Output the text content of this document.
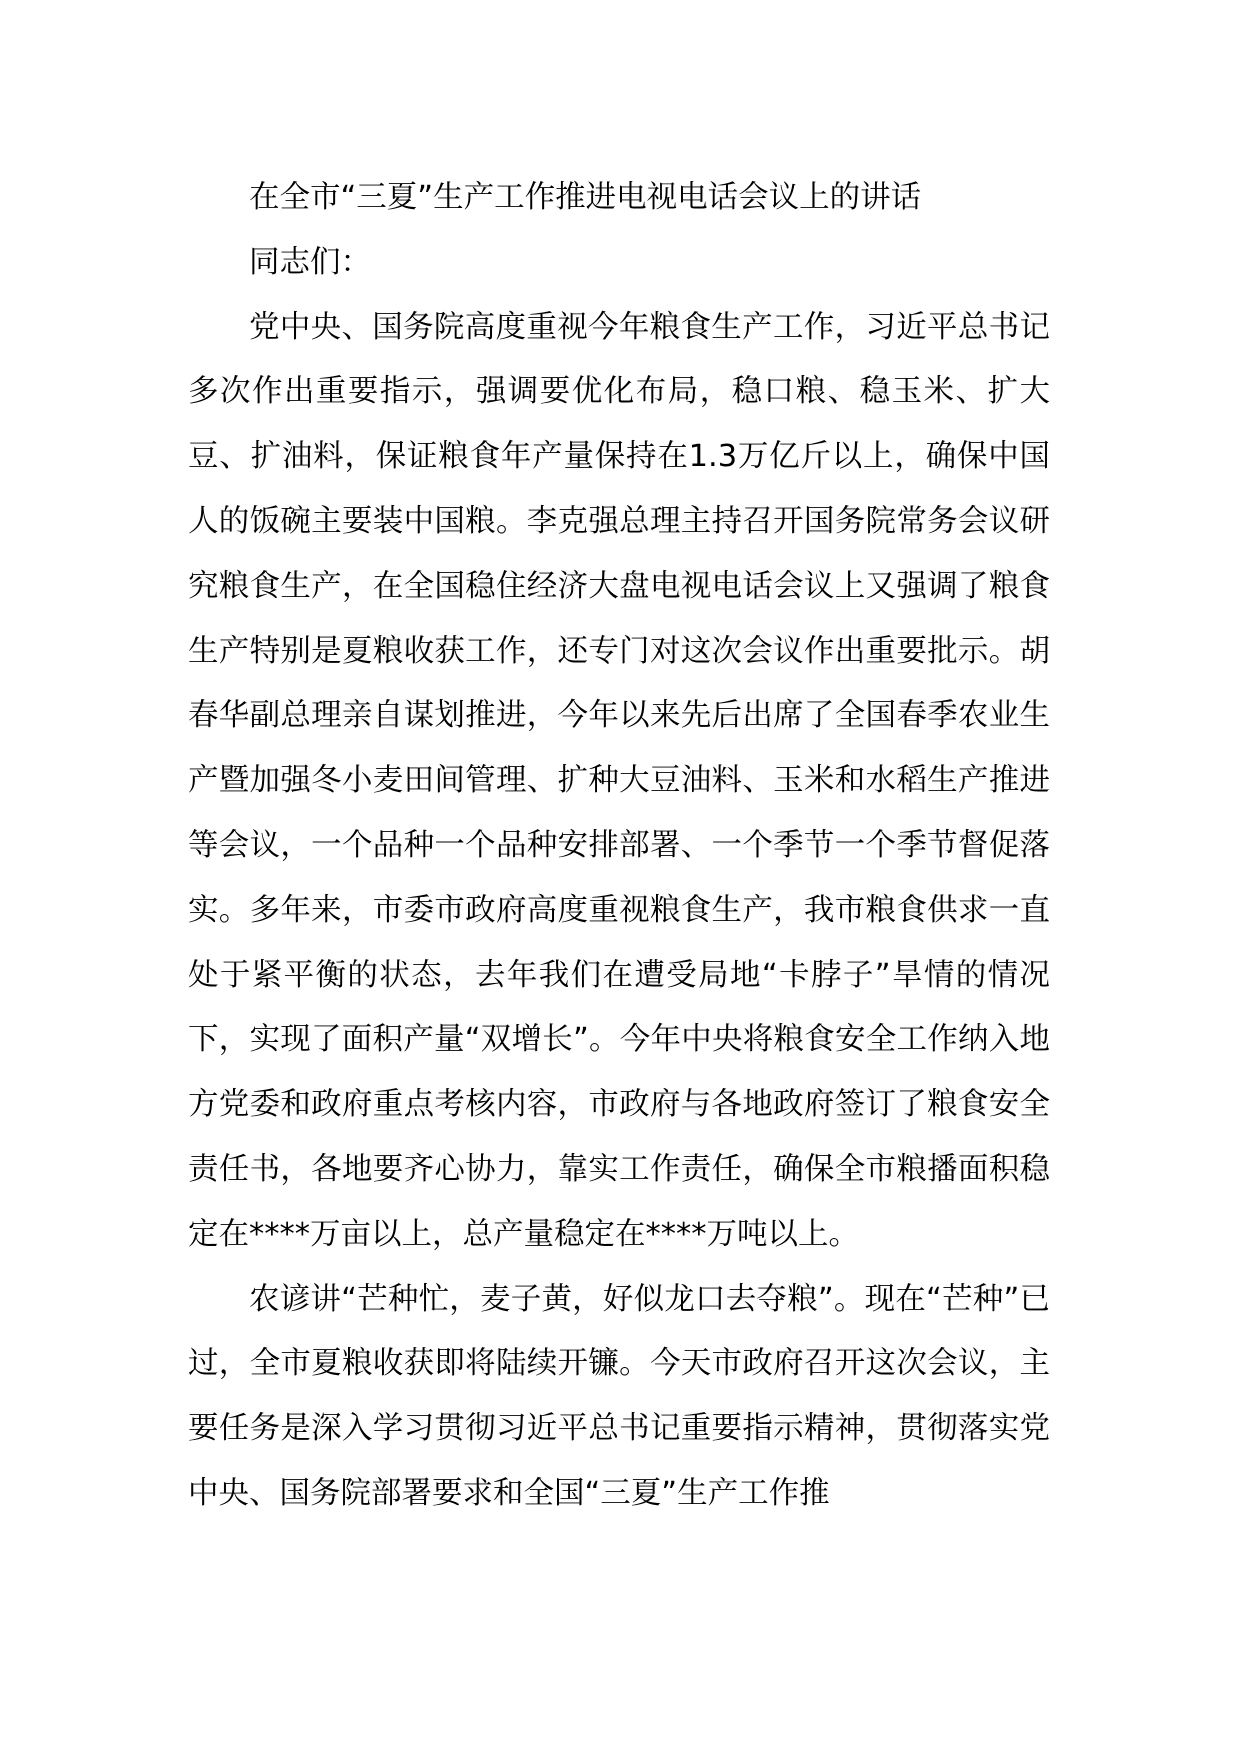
在全市“三夏”生产工作推进电视电话会议上的讲话

同志们：

党中央、国务院高度重视今年粮食生产工作，习近平总书记多次作出重要指示，强调要优化布局，稳口粮、稳玉米、扩大豆、扩油料，保证粮食年产量保持在1.3万亿斤以上，确保中国人的饭碗主要装中国粮。李克强总理主持召开国务院常务会议研究粮食生产，在全国稳住经济大盘电视电话会议上又强调了粮食生产特别是夏粮收获工作，还专门对这次会议作出重要批示。胡春华副总理亲自谋划推进，今年以来先后出席了全国春季农业生产暨加强冬小麦田间管理、扩种大豆油料、玉米和水稻生产推进等会议，一个品种一个品种安排部署、一个季节一个季节督促落实。多年来，市委市政府高度重视粮食生产，我市粮食供求一直处于紧平衡的状态，去年我们在遭受局地“卡脖子”旱情的情况下，实现了面积产量“双增长”。今年中央将粮食安全工作纳入地方党委和政府重点考核内容，市政府与各地政府签订了粮食安全责任书，各地要齐心协力，靠实工作责任，确保全市粮播面积稳定在****万亩以上，总产量稳定在****万吨以上。

农谚讲“芒种忙，麦子黄，好似龙口去夺粮”。现在“芒种”已过，全市夏粮收获即将陆续开镰。今天市政府召开这次会议，主要任务是深入学习贯彻习近平总书记重要指示精神，贯彻落实党中央、国务院部署要求和全国“三夏”生产工作推
